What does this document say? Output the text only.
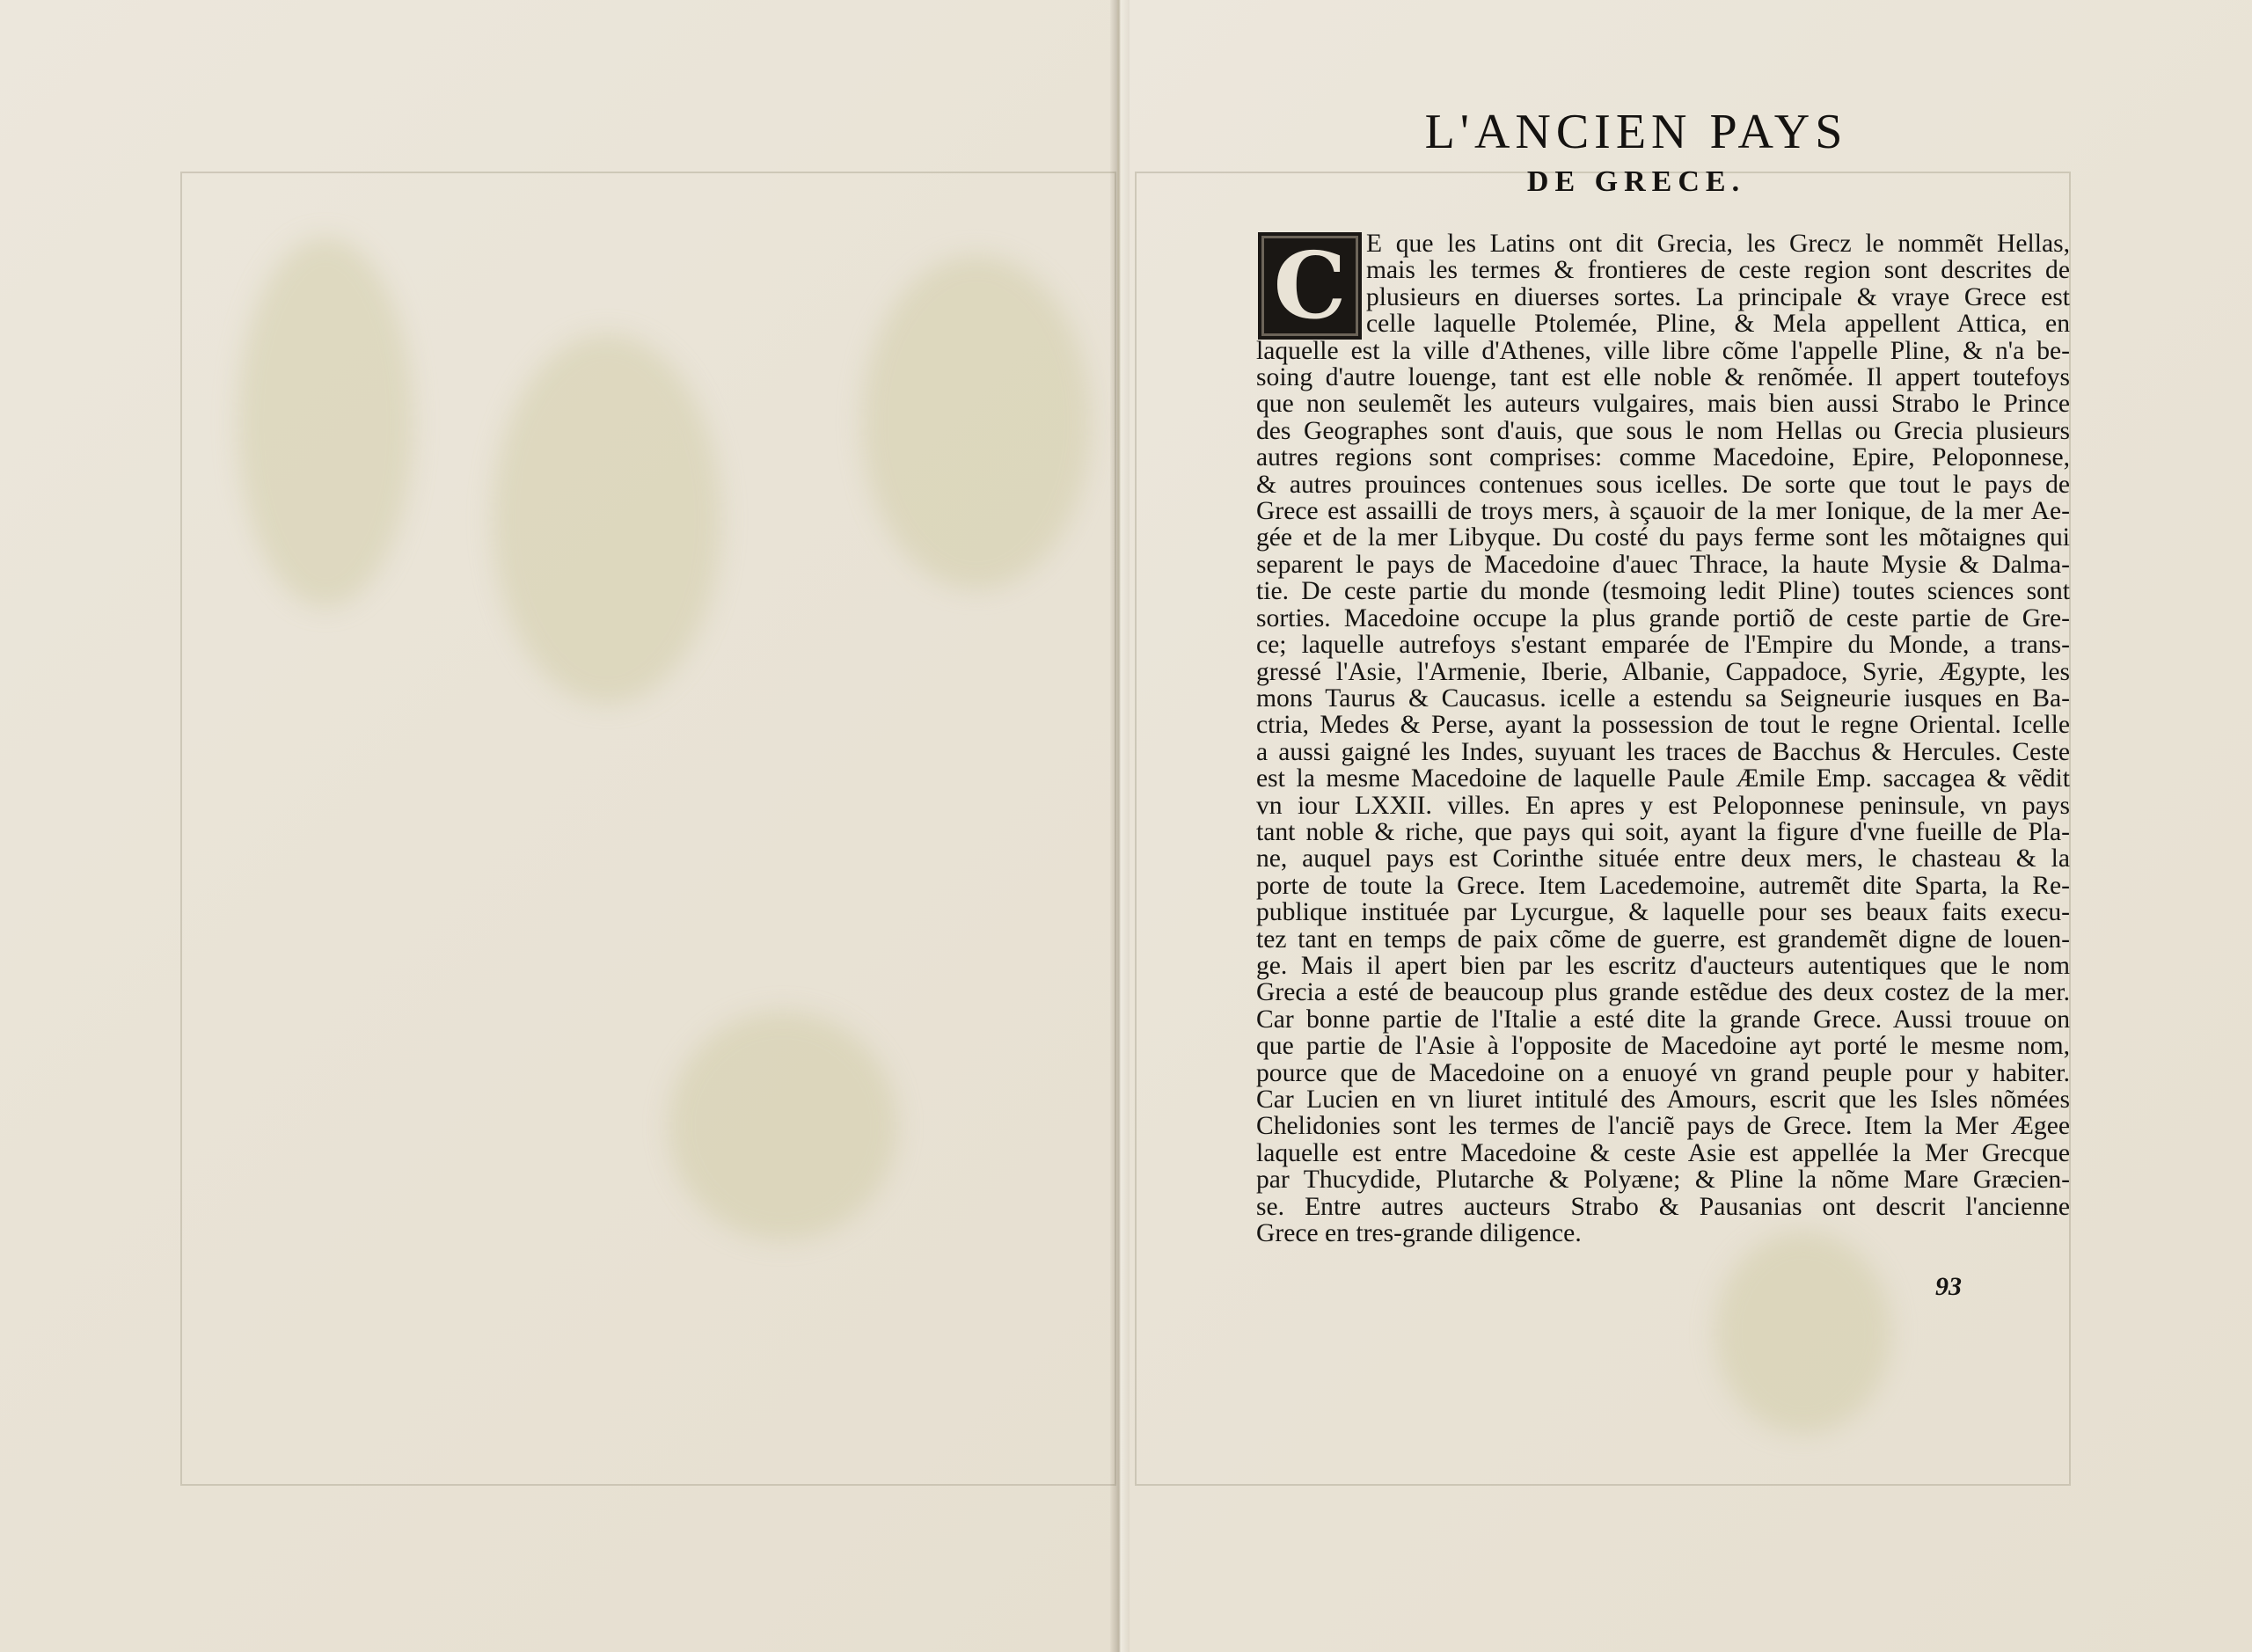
L'ANCIEN PAYS
DE GRECE.
C E que les Latins ont dit Grecia, les Grecz le nommẽt Hellas,
mais les termes & frontieres de ceste region sont descrites de
plusieurs en diuerses sortes. La principale & vraye Grece est
celle laquelle Ptolemée, Pline, & Mela appellent Attica, en
laquelle est la ville d'Athenes, ville libre cõme l'appelle Pline, & n'a be-
soing d'autre louenge, tant est elle noble & renõmée. Il appert toutefoys
que non seulemẽt les auteurs vulgaires, mais bien aussi Strabo le Prince
des Geographes sont d'auis, que sous le nom Hellas ou Grecia plusieurs
autres regions sont comprises: comme Macedoine, Epire, Peloponnese,
& autres prouinces contenues sous icelles. De sorte que tout le pays de
Grece est assailli de troys mers, à sçauoir de la mer Ionique, de la mer Ae-
gée et de la mer Libyque. Du costé du pays ferme sont les mõtaignes qui
separent le pays de Macedoine d'auec Thrace, la haute Mysie & Dalma-
tie. De ceste partie du monde (tesmoing ledit Pline) toutes sciences sont
sorties. Macedoine occupe la plus grande portiõ de ceste partie de Gre-
ce; laquelle autrefoys s'estant emparée de l'Empire du Monde, a trans-
gressé l'Asie, l'Armenie, Iberie, Albanie, Cappadoce, Syrie, Ægypte, les
mons Taurus & Caucasus. icelle a estendu sa Seigneurie iusques en Ba-
ctria, Medes & Perse, ayant la possession de tout le regne Oriental. Icelle
a aussi gaigné les Indes, suyuant les traces de Bacchus & Hercules. Ceste
est la mesme Macedoine de laquelle Paule Æmile Emp. saccagea & vẽdit
vn iour LXXII. villes. En apres y est Peloponnese peninsule, vn pays
tant noble & riche, que pays qui soit, ayant la figure d'vne fueille de Pla-
ne, auquel pays est Corinthe située entre deux mers, le chasteau & la
porte de toute la Grece. Item Lacedemoine, autremẽt dite Sparta, la Re-
publique instituée par Lycurgue, & laquelle pour ses beaux faits execu-
tez tant en temps de paix cõme de guerre, est grandemẽt digne de louen-
ge. Mais il apert bien par les escritz d'aucteurs autentiques que le nom
Grecia a esté de beaucoup plus grande estẽdue des deux costez de la mer.
Car bonne partie de l'Italie a esté dite la grande Grece. Aussi trouue on
que partie de l'Asie à l'opposite de Macedoine ayt porté le mesme nom,
pource que de Macedoine on a enuoyé vn grand peuple pour y habiter.
Car Lucien en vn liuret intitulé des Amours, escrit que les Isles nõmées
Chelidonies sont les termes de l'anciẽ pays de Grece. Item la Mer Ægee
laquelle est entre Macedoine & ceste Asie est appellée la Mer Grecque
par Thucydide, Plutarche & Polyæne; & Pline la nõme Mare Græcien-
se. Entre autres aucteurs Strabo & Pausanias ont descrit l'ancienne
Grece en tres-grande diligence.
93
